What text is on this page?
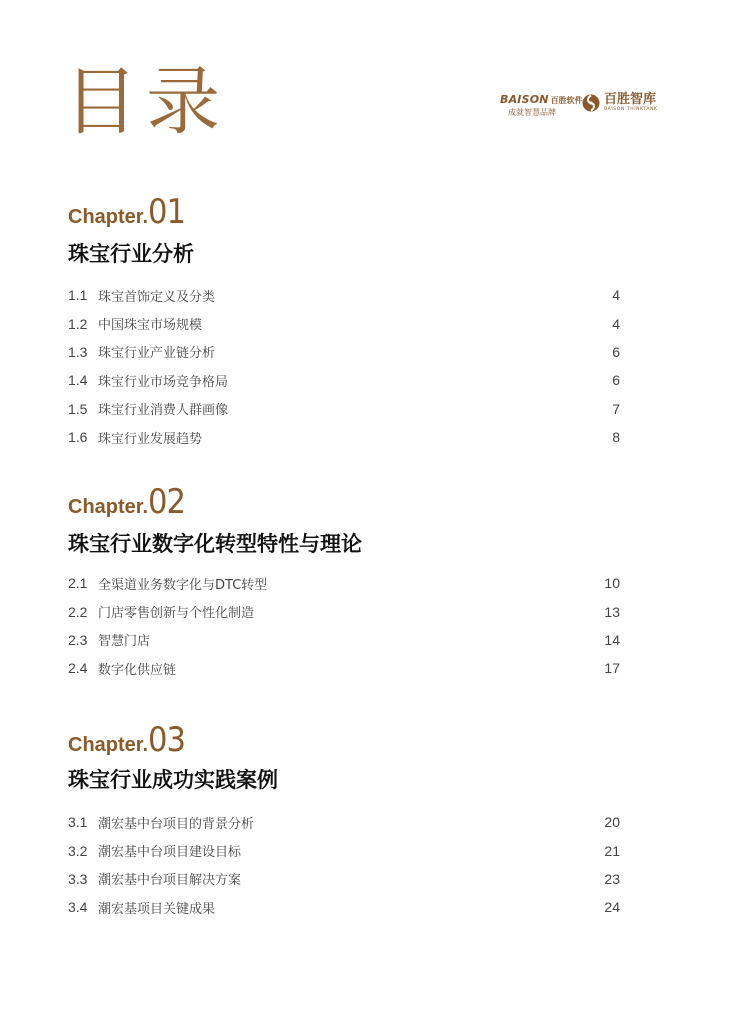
目录	BAISON 百胜软件
成就智慧品牌
百胜智库
BAISON THINKTANK
Chapter.01
珠宝行业分析
1.1 珠宝首饰定义及分类	4
1.2 中国珠宝市场规模	4
1.3 珠宝行业产业链分析	6
1.4 珠宝行业市场竞争格局	6
1.5 珠宝行业消费人群画像	7
1.6 珠宝行业发展趋势	8
Chapter.02
珠宝行业数字化转型特性与理论
2.1 全渠道业务数字化与DTC转型	10
2.2 门店零售创新与个性化制造	13
2.3 智慧门店	14
2.4 数字化供应链	17
Chapter.03
珠宝行业成功实践案例
3.1 潮宏基中台项目的背景分析	20
3.2 潮宏基中台项目建设目标	21
3.3 潮宏基中台项目解决方案	23
3.4 潮宏基项目关键成果	24
